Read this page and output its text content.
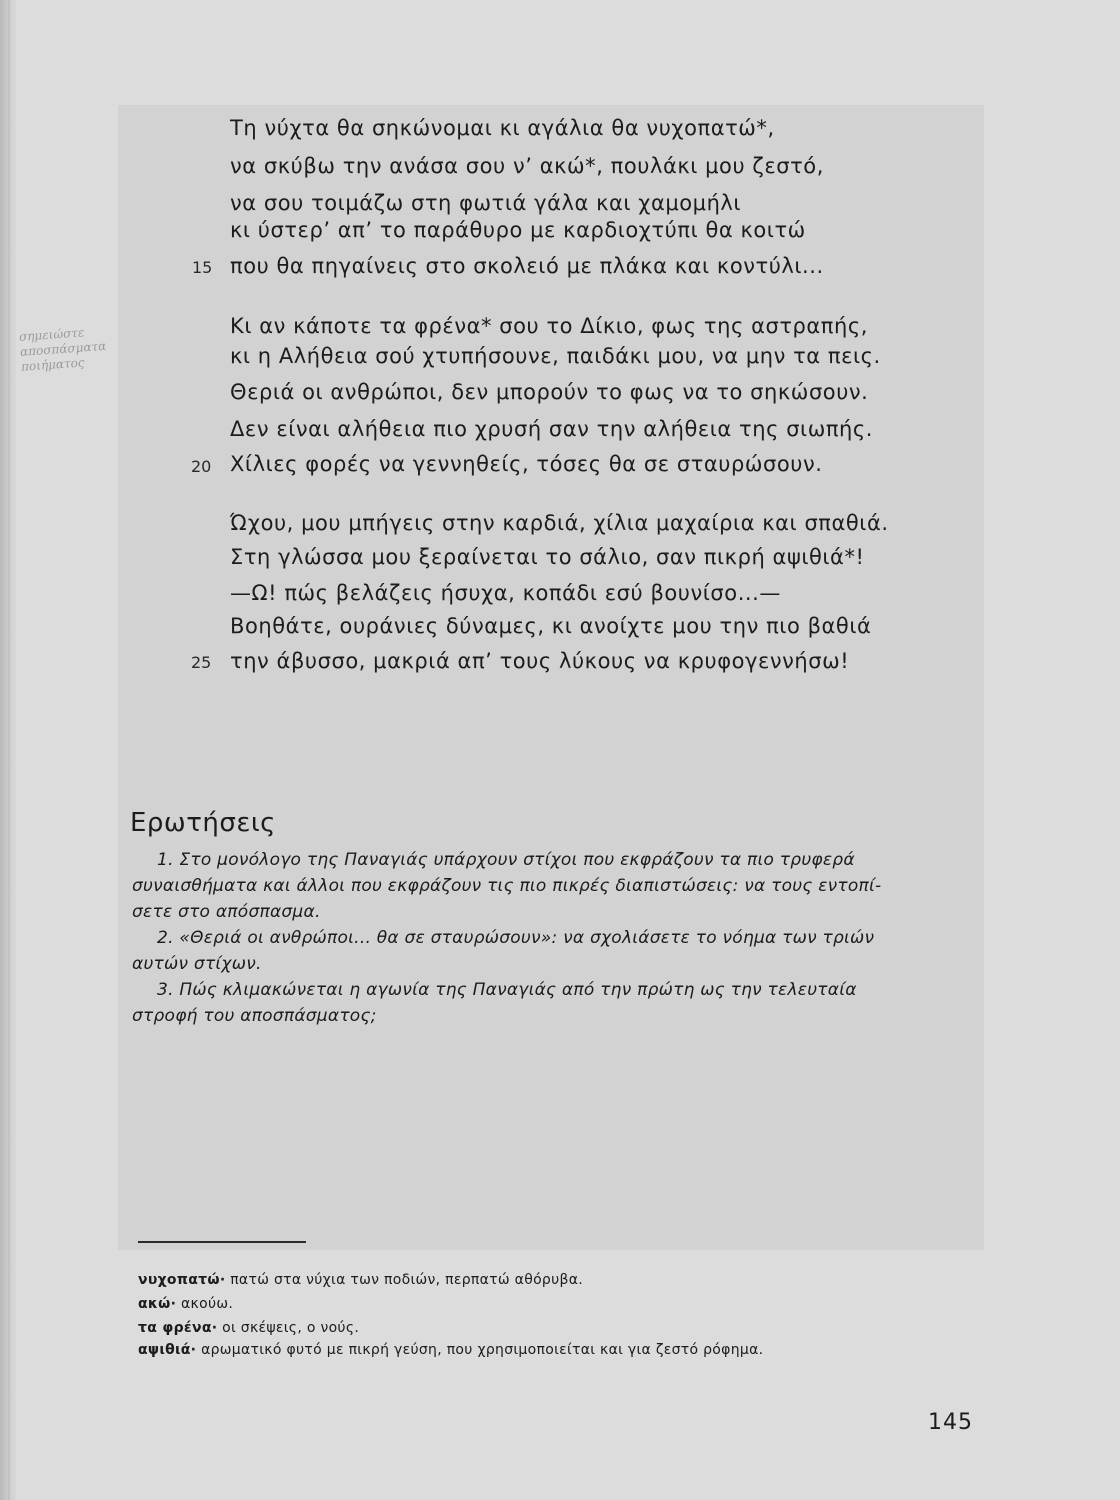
σημειώστε
αποσπάσματα
ποιήματος
Τη νύχτα θα σηκώνομαι κι αγάλια θα νυχοπατώ*,
να σκύβω την ανάσα σου ν’ ακώ*, πουλάκι μου ζεστό,
να σου τοιμάζω στη φωτιά γάλα και χαμομήλι
κι ύστερ’ απ’ το παράθυρο με καρδιοχτύπι θα κοιτώ
15 που θα πηγαίνεις στο σκολειό με πλάκα και κοντύλι...
Κι αν κάποτε τα φρένα* σου το Δίκιο, φως της αστραπής,
κι η Αλήθεια σού χτυπήσουνε, παιδάκι μου, να μην τα πεις.
Θεριά οι ανθρώποι, δεν μπορούν το φως να το σηκώσουν.
Δεν είναι αλήθεια πιο χρυσή σαν την αλήθεια της σιωπής.
20 Χίλιες φορές να γεννηθείς, τόσες θα σε σταυρώσουν.
Ώχου, μου μπήγεις στην καρδιά, χίλια μαχαίρια και σπαθιά.
Στη γλώσσα μου ξεραίνεται το σάλιο, σαν πικρή αψιθιά*!
—Ω! πώς βελάζεις ήσυχα, κοπάδι εσύ βουνίσο...—
Βοηθάτε, ουράνιες δύναμες, κι ανοίχτε μου την πιο βαθιά
25 την άβυσσο, μακριά απ’ τους λύκους να κρυφογεννήσω!
Ερωτήσεις
1. Στο μονόλογο της Παναγιάς υπάρχουν στίχοι που εκφράζουν τα πιο τρυφερά
συναισθήματα και άλλοι που εκφράζουν τις πιο πικρές διαπιστώσεις: να τους εντοπί-
σετε στο απόσπασμα.
2. «Θεριά οι ανθρώποι... θα σε σταυρώσουν»: να σχολιάσετε το νόημα των τριών
αυτών στίχων.
3. Πώς κλιμακώνεται η αγωνία της Παναγιάς από την πρώτη ως την τελευταία
στροφή του αποσπάσματος;
νυχοπατώ· πατώ στα νύχια των ποδιών, περπατώ αθόρυβα.
ακώ· ακούω.
τα φρένα· οι σκέψεις, ο νούς.
αψιθιά· αρωματικό φυτό με πικρή γεύση, που χρησιμοποιείται και για ζεστό ρόφημα.
145
